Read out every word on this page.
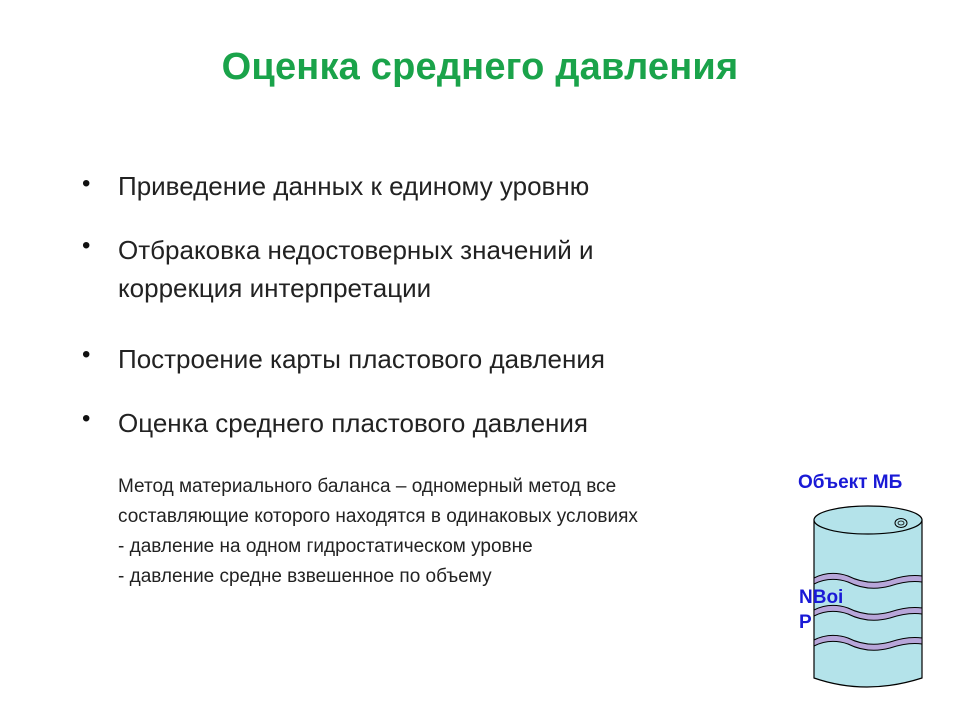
Оценка среднего давления
• Приведение данных к единому уровню
• Отбраковка недостоверных значений и коррекция интерпретации
• Построение карты пластового давления
• Оценка среднего пластового давления
Метод материального баланса – одномерный метод все
составляющие которого находятся в одинаковых условиях
- давление на одном гидростатическом уровне
- давление средне взвешенное по объему
Объект МБ
NBoi
P
